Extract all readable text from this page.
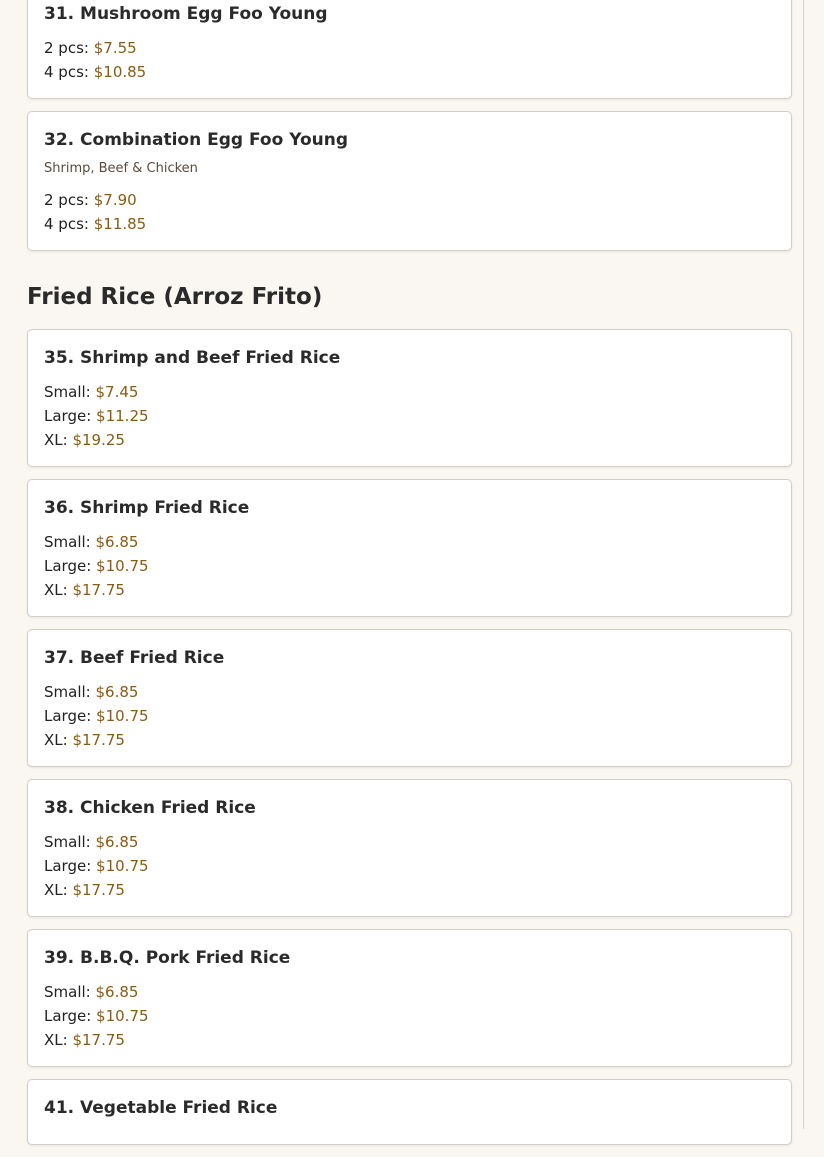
31. Mushroom Egg Foo Young
2 pcs: $7.55
4 pcs: $10.85
32. Combination Egg Foo Young
Shrimp, Beef & Chicken
2 pcs: $7.90
4 pcs: $11.85
Fried Rice (Arroz Frito)
35. Shrimp and Beef Fried Rice
Small: $7.45
Large: $11.25
XL: $19.25
36. Shrimp Fried Rice
Small: $6.85
Large: $10.75
XL: $17.75
37. Beef Fried Rice
Small: $6.85
Large: $10.75
XL: $17.75
38. Chicken Fried Rice
Small: $6.85
Large: $10.75
XL: $17.75
39. B.B.Q. Pork Fried Rice
Small: $6.85
Large: $10.75
XL: $17.75
41. Vegetable Fried Rice
